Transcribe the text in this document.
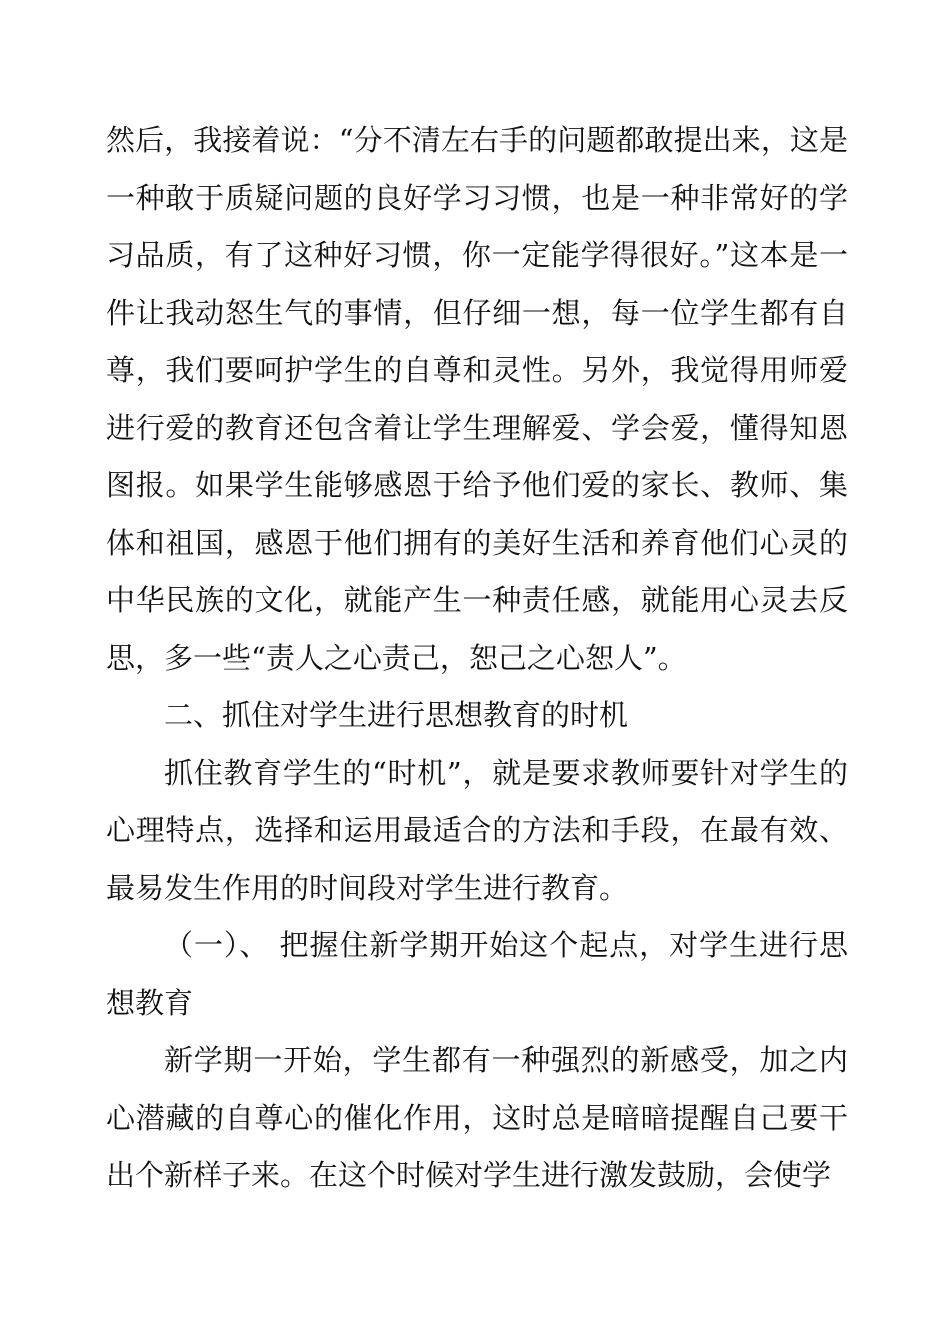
然后，我接着说：“分不清左右手的问题都敢提出来，这是一种敢于质疑问题的良好学习习惯，也是一种非常好的学习品质，有了这种好习惯，你一定能学得很好。”这本是一件让我动怒生气的事情，但仔细一想，每一位学生都有自尊，我们要呵护学生的自尊和灵性。另外，我觉得用师爱进行爱的教育还包含着让学生理解爱、学会爱，懂得知恩图报。如果学生能够感恩于给予他们爱的家长、教师、集体和祖国，感恩于他们拥有的美好生活和养育他们心灵的中华民族的文化，就能产生一种责任感，就能用心灵去反思，多一些“责人之心责己，恕己之心恕人”。

二、抓住对学生进行思想教育的时机

抓住教育学生的“时机”，就是要求教师要针对学生的心理特点，选择和运用最适合的方法和手段，在最有效、最易发生作用的时间段对学生进行教育。

（一）、 把握住新学期开始这个起点，对学生进行思想教育

新学期一开始，学生都有一种强烈的新感受，加之内心潜藏的自尊心的催化作用，这时总是暗暗提醒自己要干出个新样子来。在这个时候对学生进行激发鼓励，会使学
